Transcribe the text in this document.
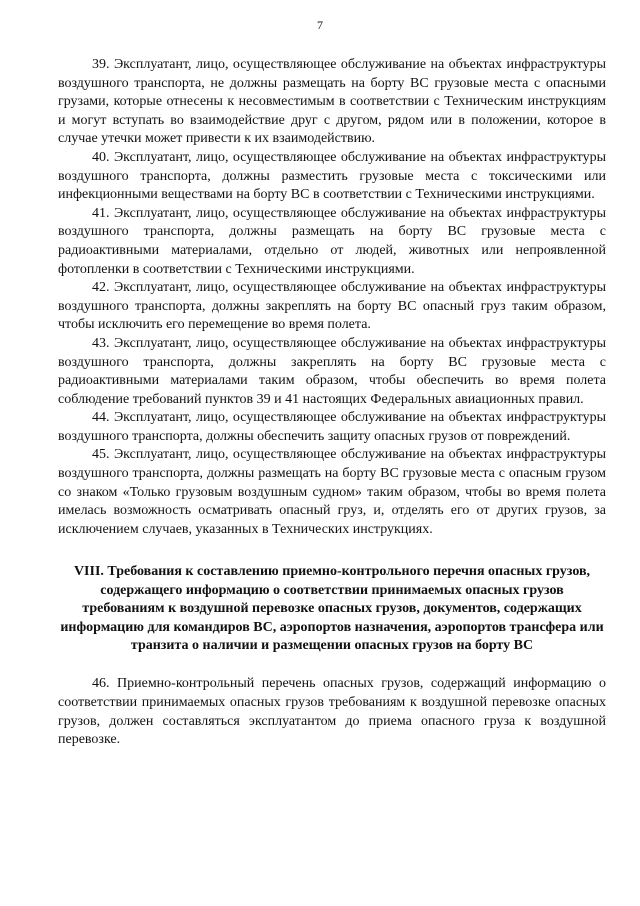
7

39. Эксплуатант, лицо, осуществляющее обслуживание на объектах инфраструктуры воздушного транспорта, не должны размещать на борту ВС грузовые места с опасными грузами, которые отнесены к несовместимым в соответствии с Техническим инструкциям и могут вступать во взаимодействие друг с другом, рядом или в положении, которое в случае утечки может привести к их взаимодействию.

40. Эксплуатант, лицо, осуществляющее обслуживание на объектах инфраструктуры воздушного транспорта, должны разместить грузовые места с токсическими или инфекционными веществами на борту ВС в соответствии с Техническими инструкциями.

41. Эксплуатант, лицо, осуществляющее обслуживание на объектах инфраструктуры воздушного транспорта, должны размещать на борту ВС грузовые места с радиоактивными материалами, отдельно от людей, животных или непроявленной фотопленки в соответствии с Техническими инструкциями.

42. Эксплуатант, лицо, осуществляющее обслуживание на объектах инфраструктуры воздушного транспорта, должны закреплять на борту ВС опасный груз таким образом, чтобы исключить его перемещение во время полета.

43. Эксплуатант, лицо, осуществляющее обслуживание на объектах инфраструктуры воздушного транспорта, должны закреплять на борту ВС грузовые места с радиоактивными материалами таким образом, чтобы обеспечить во время полета соблюдение требований пунктов 39 и 41 настоящих Федеральных авиационных правил.

44. Эксплуатант, лицо, осуществляющее обслуживание на объектах инфраструктуры воздушного транспорта, должны обеспечить защиту опасных грузов от повреждений.

45. Эксплуатант, лицо, осуществляющее обслуживание на объектах инфраструктуры воздушного транспорта, должны размещать на борту ВС грузовые места с опасным грузом со знаком «Только грузовым воздушным судном» таким образом, чтобы во время полета имелась возможность осматривать опасный груз, и, отделять его от других грузов, за исключением случаев, указанных в Технических инструкциях.

VIII. Требования к составлению приемно-контрольного перечня опасных грузов, содержащего информацию о соответствии принимаемых опасных грузов требованиям к воздушной перевозке опасных грузов, документов, содержащих информацию для командиров ВС, аэропортов назначения, аэропортов трансфера или транзита о наличии и размещении опасных грузов на борту ВС

46. Приемно-контрольный перечень опасных грузов, содержащий информацию о соответствии принимаемых опасных грузов требованиям к воздушной перевозке опасных грузов, должен составляться эксплуатантом до приема опасного груза к воздушной перевозке.
